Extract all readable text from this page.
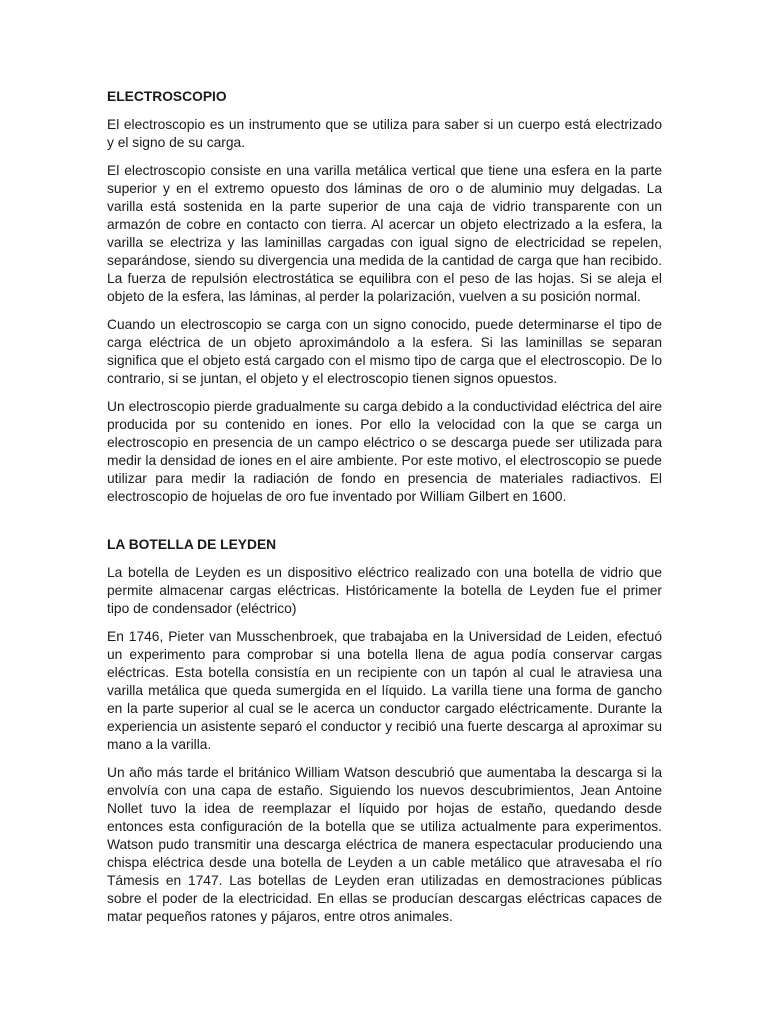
ELECTROSCOPIO

El electroscopio es un instrumento que se utiliza para saber si un cuerpo está electrizado y el signo de su carga.

El electroscopio consiste en una varilla metálica vertical que tiene una esfera en la parte superior y en el extremo opuesto dos láminas de oro o de aluminio muy delgadas. La varilla está sostenida en la parte superior de una caja de vidrio transparente con un armazón de cobre en contacto con tierra. Al acercar un objeto electrizado a la esfera, la varilla se electriza y las laminillas cargadas con igual signo de electricidad se repelen, separándose, siendo su divergencia una medida de la cantidad de carga que han recibido. La fuerza de repulsión electrostática se equilibra con el peso de las hojas. Si se aleja el objeto de la esfera, las láminas, al perder la polarización, vuelven a su posición normal.

Cuando un electroscopio se carga con un signo conocido, puede determinarse el tipo de carga eléctrica de un objeto aproximándolo a la esfera. Si las laminillas se separan significa que el objeto está cargado con el mismo tipo de carga que el electroscopio. De lo contrario, si se juntan, el objeto y el electroscopio tienen signos opuestos.

Un electroscopio pierde gradualmente su carga debido a la conductividad eléctrica del aire producida por su contenido en iones. Por ello la velocidad con la que se carga un electroscopio en presencia de un campo eléctrico o se descarga puede ser utilizada para medir la densidad de iones en el aire ambiente. Por este motivo, el electroscopio se puede utilizar para medir la radiación de fondo en presencia de materiales radiactivos. El electroscopio de hojuelas de oro fue inventado por William Gilbert en 1600.

LA BOTELLA DE LEYDEN

La botella de Leyden es un dispositivo eléctrico realizado con una botella de vidrio que permite almacenar cargas eléctricas. Históricamente la botella de Leyden fue el primer tipo de condensador (eléctrico)

En 1746, Pieter van Musschenbroek, que trabajaba en la Universidad de Leiden, efectuó un experimento para comprobar si una botella llena de agua podía conservar cargas eléctricas. Esta botella consistía en un recipiente con un tapón al cual le atraviesa una varilla metálica que queda sumergida en el líquido. La varilla tiene una forma de gancho en la parte superior al cual se le acerca un conductor cargado eléctricamente. Durante la experiencia un asistente separó el conductor y recibió una fuerte descarga al aproximar su mano a la varilla.

Un año más tarde el británico William Watson descubrió que aumentaba la descarga si la envolvía con una capa de estaño. Siguiendo los nuevos descubrimientos, Jean Antoine Nollet tuvo la idea de reemplazar el líquido por hojas de estaño, quedando desde entonces esta configuración de la botella que se utiliza actualmente para experimentos. Watson pudo transmitir una descarga eléctrica de manera espectacular produciendo una chispa eléctrica desde una botella de Leyden a un cable metálico que atravesaba el río Támesis en 1747. Las botellas de Leyden eran utilizadas en demostraciones públicas sobre el poder de la electricidad. En ellas se producían descargas eléctricas capaces de matar pequeños ratones y pájaros, entre otros animales.
